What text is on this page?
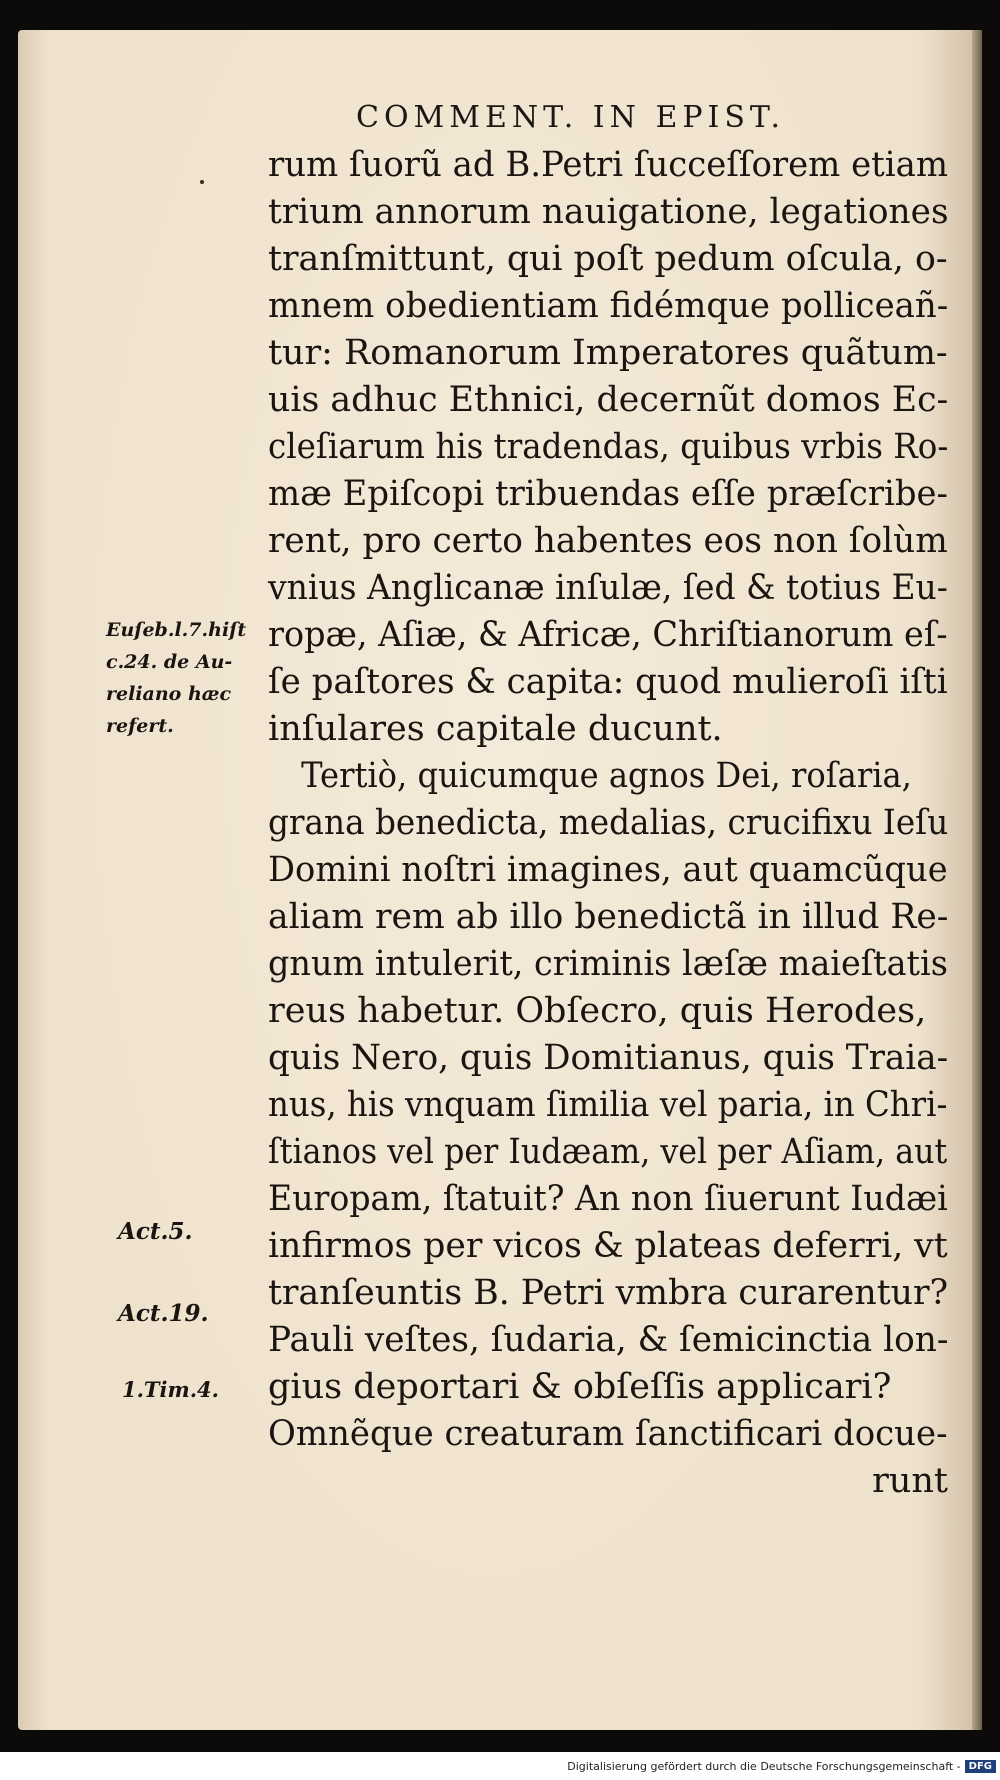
COMMENT. IN EPIST.
rum ſuorũ ad B.Petri ſucceſſorem etiam
trium annorum nauigatione, legationes
tranſmittunt, qui poſt pedum oſcula, o-
mnem obedientiam fidémque polliceañ-
tur: Romanorum Imperatores quãtum-
uis adhuc Ethnici, decernũt domos Ec-
cleſiarum his tradendas, quibus vrbis Ro-
mæ Epiſcopi tribuendas eſſe præſcribe-
rent, pro certo habentes eos non ſolùm
vnius Anglicanæ inſulæ, ſed & totius Eu-
ropæ, Aſiæ, & Africæ, Chriſtianorum eſ-
ſe paſtores & capita: quod mulieroſi iſti
inſulares capitale ducunt.
Tertiò, quicumque agnos Dei, roſaria,
grana benedicta, medalias, crucifixu Ieſu
Domini noſtri imagines, aut quamcũque
aliam rem ab illo benedictã in illud Re-
gnum intulerit, criminis læſæ maieſtatis
reus habetur. Obſecro, quis Herodes,
quis Nero, quis Domitianus, quis Traia-
nus, his vnquam ſimilia vel paria, in Chri-
ſtianos vel per Iudæam, vel per Aſiam, aut
Europam, ſtatuit? An non ſiuerunt Iudæi
infirmos per vicos & plateas deferri, vt
tranſeuntis B. Petri vmbra curarentur?
Pauli veſtes, ſudaria, & ſemicinctia lon-
gius deportari & obſeſſis applicari?
Omnẽque creaturam ſanctificari docue-
runt
Euſeb.l.7.hiſt
c.24. de Au-
reliano hæc
refert.
Act.5.
Act.19.
1.Tim.4.
Digitalisierung gefördert durch die Deutsche Forschungsgemeinschaft - DFG
